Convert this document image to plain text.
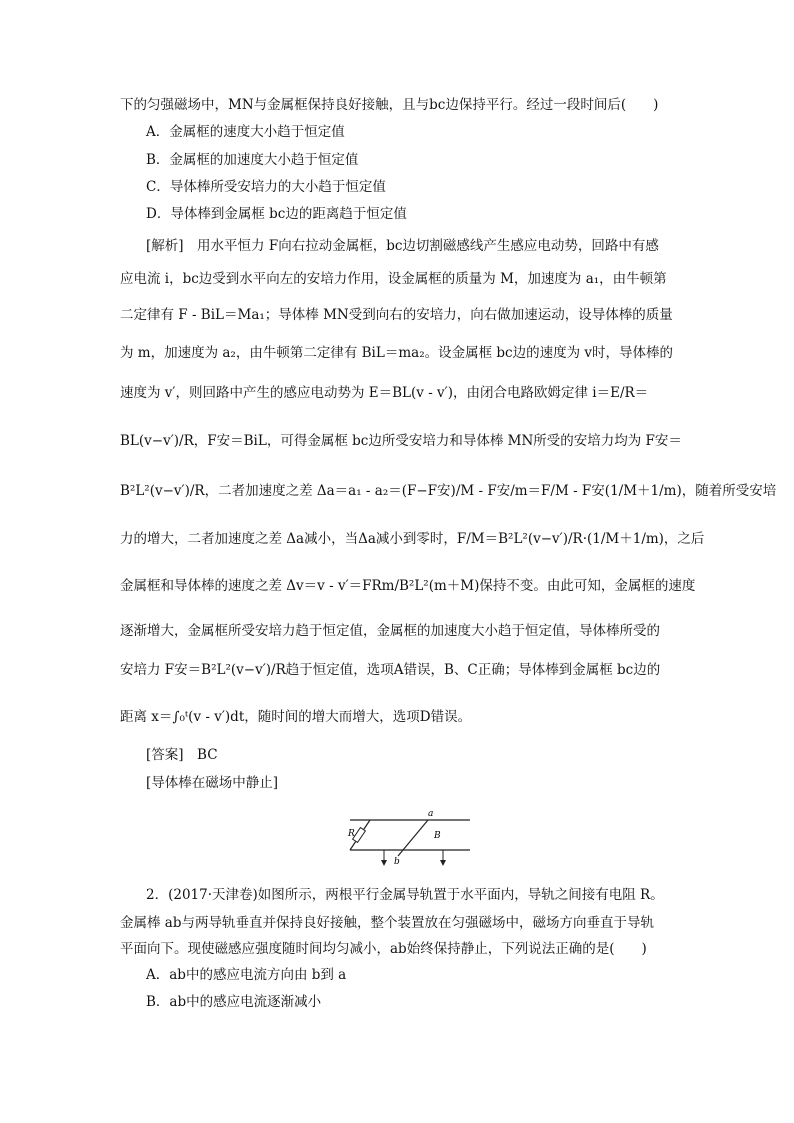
下的匀强磁场中，MN与金属框保持良好接触，且与bc边保持平行。经过一段时间后(　　)
A．金属框的速度大小趋于恒定值
B．金属框的加速度大小趋于恒定值
C．导体棒所受安培力的大小趋于恒定值
D．导体棒到金属框 bc边的距离趋于恒定值
[解析]　用水平恒力 F向右拉动金属框，bc边切割磁感线产生感应电动势，回路中有感
应电流 i，bc边受到水平向左的安培力作用，设金属框的质量为 M，加速度为 a₁，由牛顿第
二定律有 F - BiL＝Ma₁；导体棒 MN受到向右的安培力，向右做加速运动，设导体棒的质量
为 m，加速度为 a₂，由牛顿第二定律有 BiL＝ma₂。设金属框 bc边的速度为 v时，导体棒的
速度为 v′，则回路中产生的感应电动势为 E＝BL(v - v′)，由闭合电路欧姆定律 i＝E/R＝
BL(v−v′)/R，F安＝BiL，可得金属框 bc边所受安培力和导体棒 MN所受的安培力均为 F安＝
B²L²(v−v′)/R，二者加速度之差 Δa＝a₁ - a₂＝(F−F安)/M - F安/m＝F/M - F安(1/M＋1/m)，随着所受安培
力的增大，二者加速度之差 Δa减小，当Δa减小到零时，F/M＝B²L²(v−v′)/R·(1/M＋1/m)，之后
金属框和导体棒的速度之差 Δv＝v - v′＝FRm/B²L²(m＋M)保持不变。由此可知，金属框的速度
逐渐增大，金属框所受安培力趋于恒定值，金属框的加速度大小趋于恒定值，导体棒所受的
安培力 F安＝B²L²(v−v′)/R趋于恒定值，选项A错误，B、C正确；导体棒到金属框 bc边的
距离 x＝∫₀ᵗ(v - v′)dt，随时间的增大而增大，选项D错误。
[答案]　BC
[导体棒在磁场中静止]
R
a
b
B
2．(2017·天津卷)如图所示，两根平行金属导轨置于水平面内，导轨之间接有电阻 R。
金属棒 ab与两导轨垂直并保持良好接触，整个装置放在匀强磁场中，磁场方向垂直于导轨
平面向下。现使磁感应强度随时间均匀减小，ab始终保持静止，下列说法正确的是(　　)
A．ab中的感应电流方向由 b到 a
B．ab中的感应电流逐渐减小
